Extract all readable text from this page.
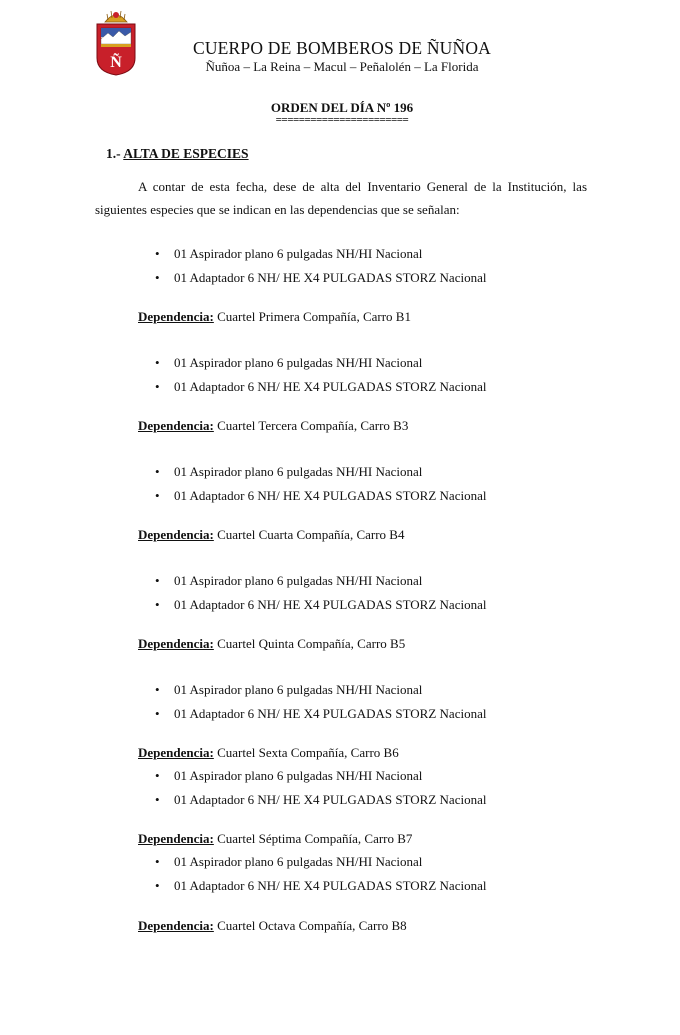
Ñ
CUERPO DE BOMBEROS DE ÑUÑOA
Ñuñoa – La Reina – Macul – Peñalolén – La Florida
ORDEN DEL DÍA Nº 196
=======================
1.- ALTA DE ESPECIES
A contar de esta fecha, dese de alta del Inventario General de la Institución, las siguientes especies que se indican en las dependencias que se señalan:
• 01 Aspirador plano 6 pulgadas NH/HI Nacional
• 01 Adaptador 6 NH/ HE X4 PULGADAS STORZ Nacional
Dependencia: Cuartel Primera Compañía, Carro B1
• 01 Aspirador plano 6 pulgadas NH/HI Nacional
• 01 Adaptador 6 NH/ HE X4 PULGADAS STORZ Nacional
Dependencia: Cuartel Tercera Compañía, Carro B3
• 01 Aspirador plano 6 pulgadas NH/HI Nacional
• 01 Adaptador 6 NH/ HE X4 PULGADAS STORZ Nacional
Dependencia: Cuartel Cuarta Compañía, Carro B4
• 01 Aspirador plano 6 pulgadas NH/HI Nacional
• 01 Adaptador 6 NH/ HE X4 PULGADAS STORZ Nacional
Dependencia: Cuartel Quinta Compañía, Carro B5
• 01 Aspirador plano 6 pulgadas NH/HI Nacional
• 01 Adaptador 6 NH/ HE X4 PULGADAS STORZ Nacional
Dependencia: Cuartel Sexta Compañía, Carro B6
• 01 Aspirador plano 6 pulgadas NH/HI Nacional
• 01 Adaptador 6 NH/ HE X4 PULGADAS STORZ Nacional
Dependencia: Cuartel Séptima Compañía, Carro B7
• 01 Aspirador plano 6 pulgadas NH/HI Nacional
• 01 Adaptador 6 NH/ HE X4 PULGADAS STORZ Nacional
Dependencia: Cuartel Octava Compañía, Carro B8
